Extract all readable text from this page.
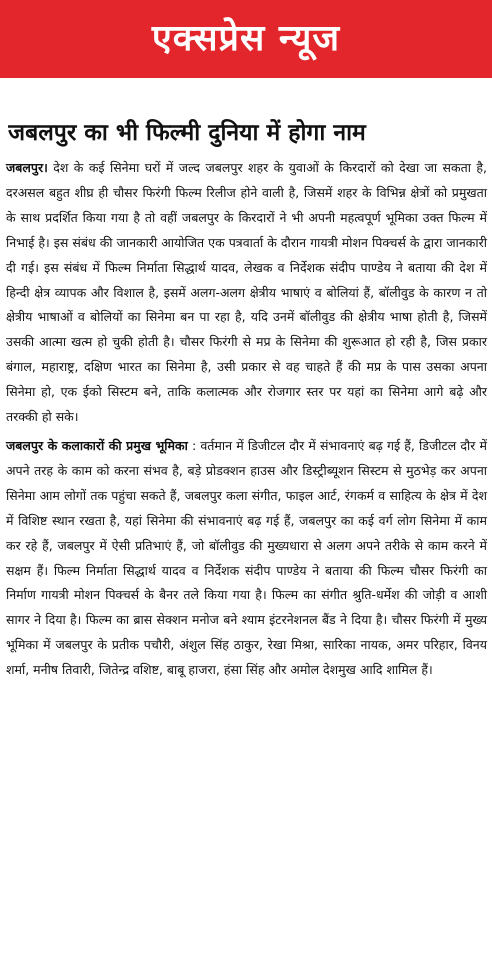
एक्सप्रेस न्यूज
जबलपुर का भी फिल्मी दुनिया में होगा नाम

जबलपुर। देश के कई सिनेमा घरों में जल्द जबलपुर शहर के युवाओं के किरदारों को देखा जा सकता है, दरअसल बहुत शीघ्र ही चौसर फिरंगी फिल्म रिलीज होने वाली है, जिसमें शहर के विभिन्न क्षेत्रों को प्रमुखता के साथ प्रदर्शित किया गया है तो वहीं जबलपुर के किरदारों ने भी अपनी महत्वपूर्ण भूमिका उक्त फिल्म में निभाई है। इस संबंध की जानकारी आयोजित एक पत्रवार्ता के दौरान गायत्री मोशन पिक्चर्स के द्वारा जानकारी दी गई। इस संबंध में फिल्म निर्माता सिद्धार्थ यादव, लेखक व निर्देशक संदीप पाण्डेय ने बताया की देश में हिन्दी क्षेत्र व्यापक और विशाल है, इसमें अलग-अलग क्षेत्रीय भाषाएं व बोलियां हैं, बॉलीवुड के कारण न तो क्षेत्रीय भाषाओं व बोलियों का सिनेमा बन पा रहा है, यदि उनमें बॉलीवुड की क्षेत्रीय भाषा होती है, जिसमें उसकी आत्मा खत्म हो चुकी होती है। चौसर फिरंगी से मप्र के सिनेमा की शुरूआत हो रही है, जिस प्रकार बंगाल, महाराष्ट्र, दक्षिण भारत का सिनेमा है, उसी प्रकार से वह चाहते हैं की मप्र के पास उसका अपना सिनेमा हो, एक ईको सिस्टम बने, ताकि कलात्मक और रोजगार स्तर पर यहां का सिनेमा आगे बढ़े और तरक्की हो सके।

जबलपुर के कलाकारों की प्रमुख भूमिका : वर्तमान में डिजीटल दौर में संभावनाएं बढ़ गई हैं, डिजीटल दौर में अपने तरह के काम को करना संभव है, बड़े प्रोडक्शन हाउस और डिस्ट्रीब्यूशन सिस्टम से मुठभेड़ कर अपना सिनेमा आम लोगों तक पहुंचा सकते हैं, जबलपुर कला संगीत, फाइल आर्ट, रंगकर्म व साहित्य के क्षेत्र में देश में विशिष्ट स्थान रखता है, यहां सिनेमा की संभावनाएं बढ़ गई हैं, जबलपुर का कई वर्ग लोग सिनेमा में काम कर रहे हैं, जबलपुर में ऐसी प्रतिभाएं हैं, जो बॉलीवुड की मुख्यधारा से अलग अपने तरीके से काम करने में सक्षम हैं। फिल्म निर्माता सिद्धार्थ यादव व निर्देशक संदीप पाण्डेय ने बताया की फिल्म चौसर फिरंगी का निर्माण गायत्री मोशन पिक्चर्स के बैनर तले किया गया है। फिल्म का संगीत श्रुति-धर्मेश की जोड़ी व आशी सागर ने दिया है। फिल्म का ब्रास सेक्शन मनोज बने श्याम इंटरनेशनल बैंड ने दिया है। चौसर फिरंगी में मुख्य भूमिका में जबलपुर के प्रतीक पचौरी, अंशुल सिंह ठाकुर, रेखा मिश्रा, सारिका नायक, अमर परिहार, विनय शर्मा, मनीष तिवारी, जितेन्द्र वशिष्ट, बाबू हाजरा, हंसा सिंह और अमोल देशमुख आदि शामिल हैं।
